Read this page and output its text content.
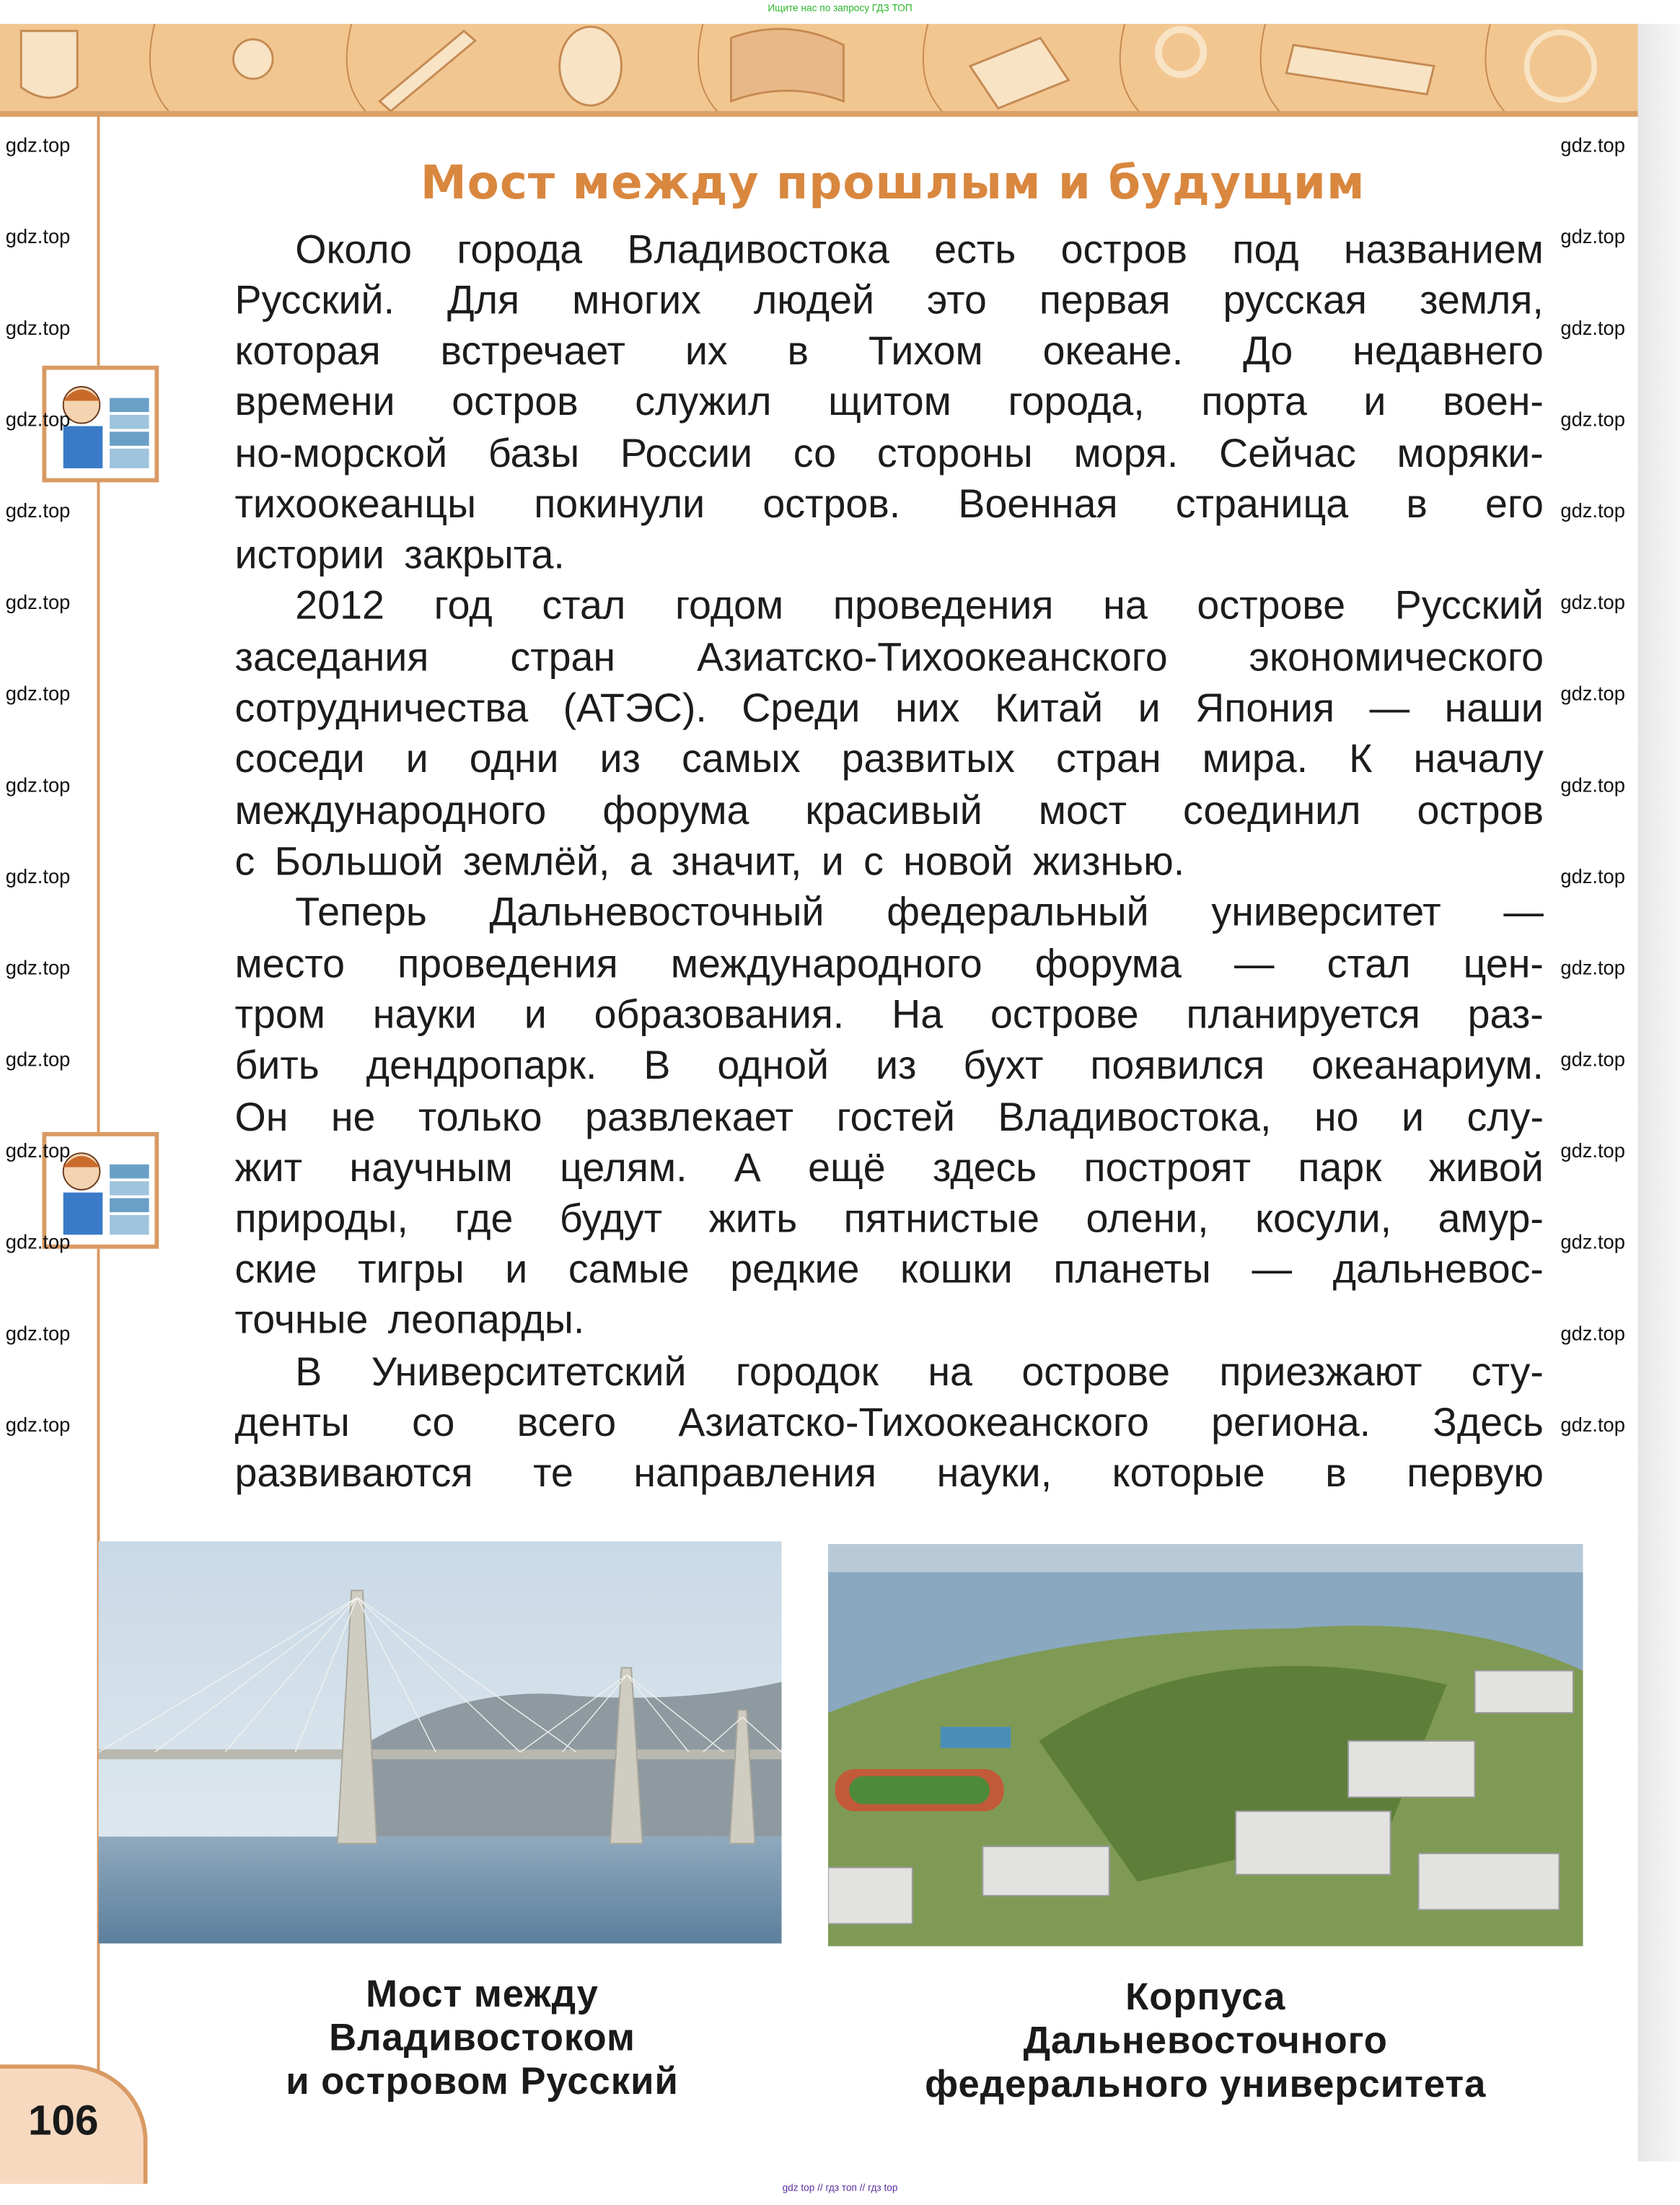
Ищите нас по запросу ГДЗ ТОП
Мост между прошлым и будущим
Около города Владивостока есть остров под названием
Русский.	Для	многих	людей	это	первая	русская	земля,
которая	встречает	их	в	Тихом	океане.	До	недавнего
времени	остров	служил	щитом	города,	порта	и	воен-
но-морской базы России со стороны моря. Сейчас моряки-
тихоокеанцы	покинули	остров.	Военная	страница	в	его
истории закрыта.
2012 год стал годом проведения на острове Русский
заседания	стран	Азиатско-Тихоокеанского	экономического
сотрудничества (АТЭС). Среди них Китай и Япония — наши
соседи и одни из самых развитых стран мира. К началу
международного	форума	красивый	мост	соединил	остров
с Большой землёй, а значит, и с новой жизнью.
Теперь	Дальневосточный	федеральный	университет	—
место	проведения	международного	форума	—	стал	цен-
тром науки и образования. На острове планируется раз-
бить дендропарк. В одной из бухт появился океанариум.
Он не только развлекает гостей Владивостока, но и слу-
жит научным целям. А ещё здесь построят парк живой
природы, где будут жить пятнистые олени, косули, амур-
ские тигры и самые редкие кошки планеты — дальневос-
точные леопарды.
В Университетский городок на острове приезжают сту-
денты	со	всего	Азиатско-Тихоокеанского	региона.	Здесь
развиваются	те	направления	науки,	которые	в	первую
Мост между
Владивостоком
и островом Русский
Корпуса
Дальневосточного
федерального университета
106
gdz.top	gdz.top
gdz.top	gdz.top
gdz.top	gdz.top
gdz.top	gdz.top
gdz.top	gdz.top
gdz.top	gdz.top
gdz.top	gdz.top
gdz.top	gdz.top
gdz.top	gdz.top
gdz.top	gdz.top
gdz.top	gdz.top
gdz.top	gdz.top
gdz.top	gdz.top
gdz.top	gdz.top
gdz.top	gdz.top
gdz top // гдз топ // гдз top
